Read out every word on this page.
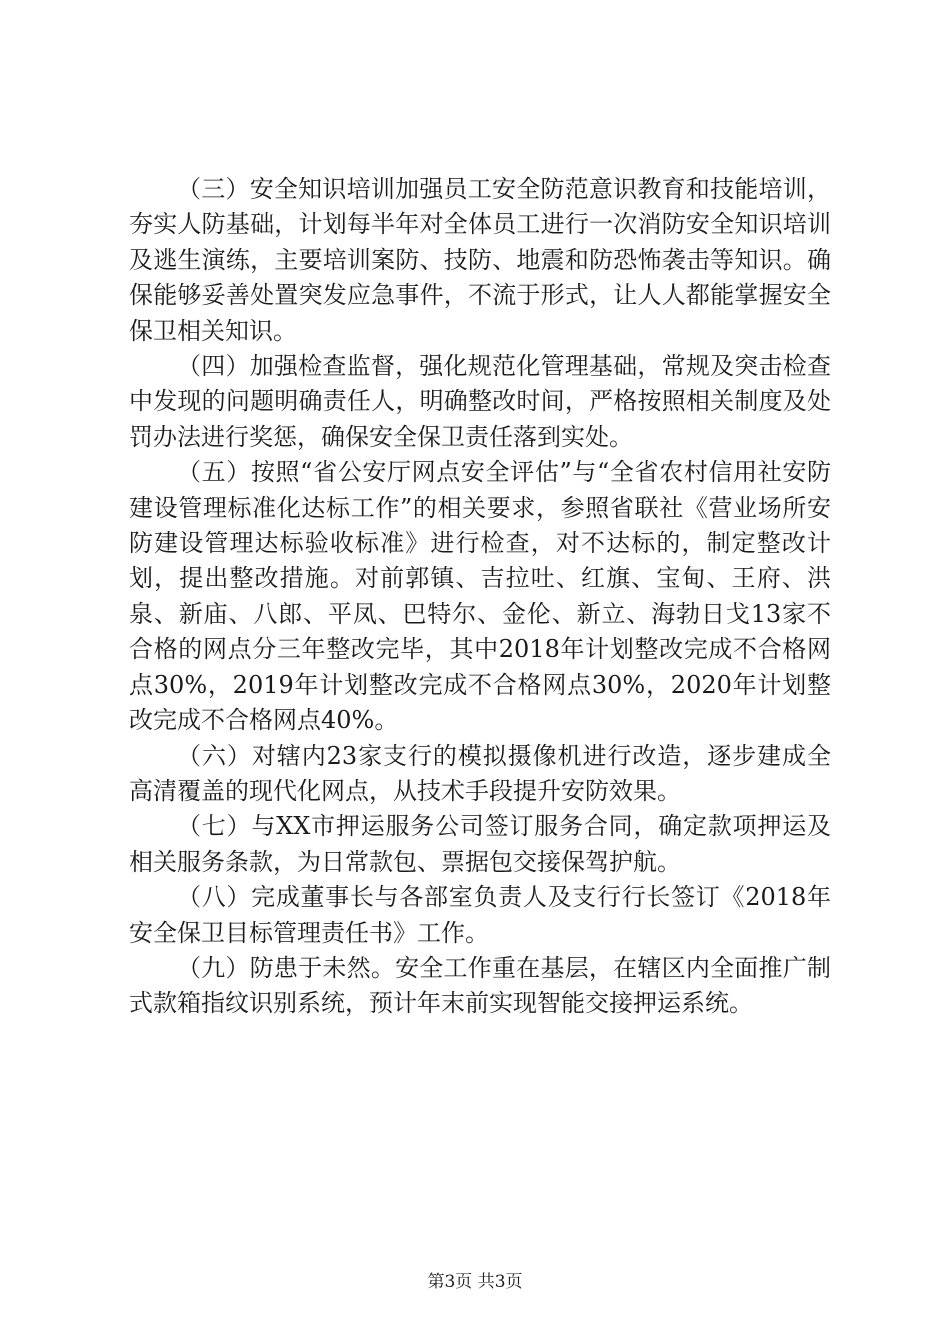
（三）安全知识培训加强员工安全防范意识教育和技能培训，夯实人防基础，计划每半年对全体员工进行一次消防安全知识培训及逃生演练，主要培训案防、技防、地震和防恐怖袭击等知识。确保能够妥善处置突发应急事件，不流于形式，让人人都能掌握安全保卫相关知识。

（四）加强检查监督，强化规范化管理基础，常规及突击检查中发现的问题明确责任人，明确整改时间，严格按照相关制度及处罚办法进行奖惩，确保安全保卫责任落到实处。

（五）按照“省公安厅网点安全评估”与“全省农村信用社安防建设管理标准化达标工作”的相关要求，参照省联社《营业场所安防建设管理达标验收标准》进行检查，对不达标的，制定整改计划，提出整改措施。对前郭镇、吉拉吐、红旗、宝甸、王府、洪泉、新庙、八郎、平凤、巴特尔、金伦、新立、海勃日戈13家不合格的网点分三年整改完毕，其中2018年计划整改完成不合格网点30%，2019年计划整改完成不合格网点30%，2020年计划整改完成不合格网点40%。

（六）对辖内23家支行的模拟摄像机进行改造，逐步建成全高清覆盖的现代化网点，从技术手段提升安防效果。

（七）与XX市押运服务公司签订服务合同，确定款项押运及相关服务条款，为日常款包、票据包交接保驾护航。

（八）完成董事长与各部室负责人及支行行长签订《2018年安全保卫目标管理责任书》工作。

（九）防患于未然。安全工作重在基层，在辖区内全面推广制式款箱指纹识别系统，预计年末前实现智能交接押运系统。

第3页 共3页
